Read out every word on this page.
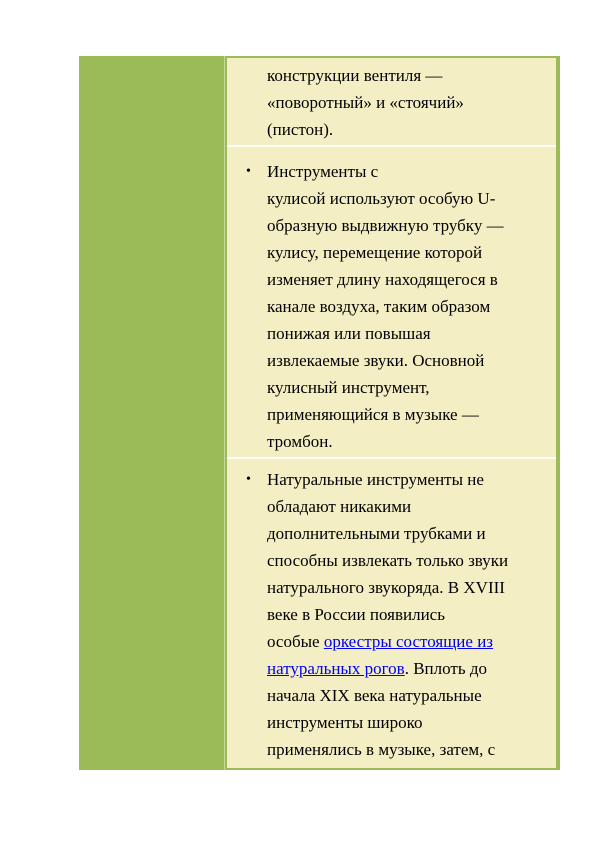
конструкции вентиля —
«поворотный» и «стоячий»
(пистон).
• Инструменты с
кулисой используют особую U-
образную выдвижную трубку —
кулису, перемещение которой
изменяет длину находящегося в
канале воздуха, таким образом
понижая или повышая
извлекаемые звуки. Основной
кулисный инструмент,
применяющийся в музыке —
тромбон.
• Натуральные инструменты не
обладают никакими
дополнительными трубками и
способны извлекать только звуки
натурального звукоряда. В XVIII
веке в России появились
особые оркестры состоящие из
натуральных рогов. Вплоть до
начала XIX века натуральные
инструменты широко
применялись в музыке, затем, с
